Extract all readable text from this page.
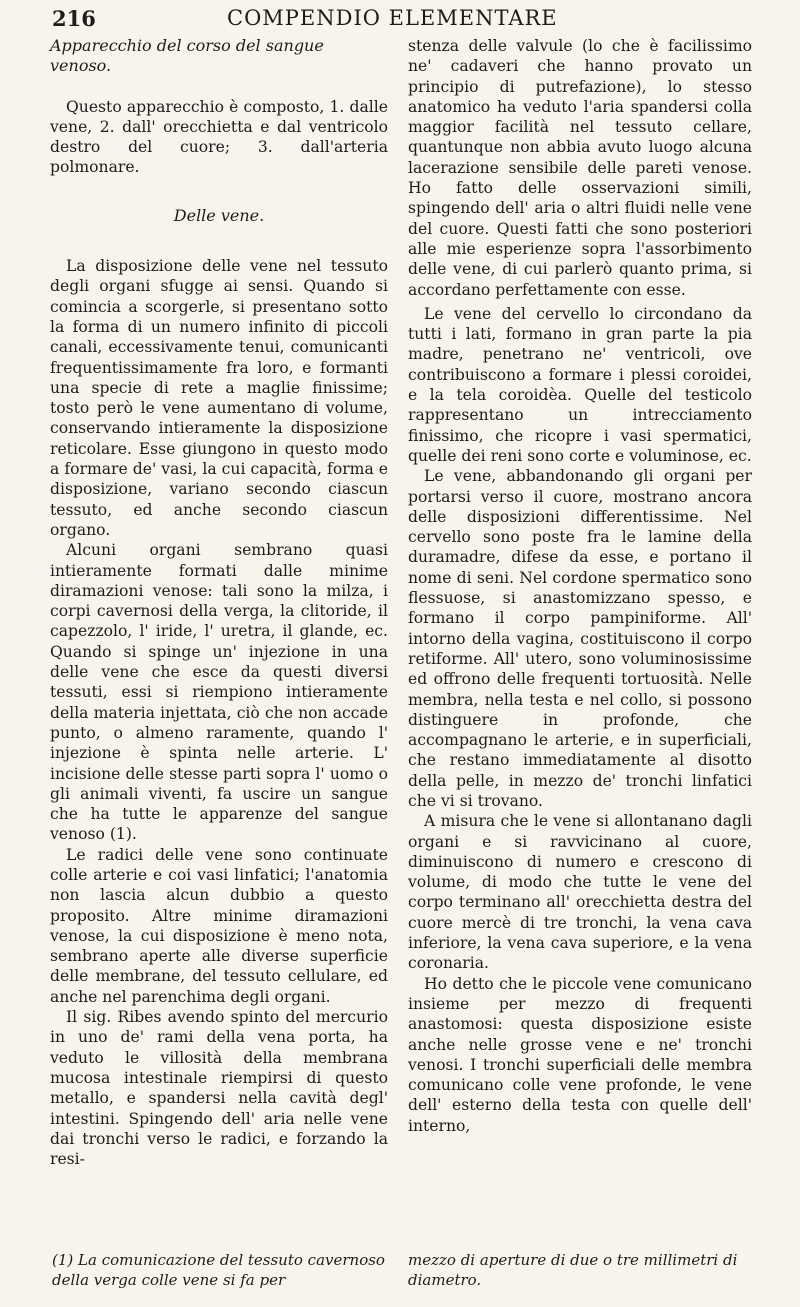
216	COMPENDIO ELEMENTARE

Apparecchio del corso del sangue venoso.

Questo apparecchio è composto, 1. dalle vene, 2. dall' orecchietta e dal ventricolo destro del cuore; 3. dall'arteria polmonare.

Delle vene.

La disposizione delle vene nel tessuto degli organi sfugge ai sensi. Quando si comincia a scorgerle, si presentano sotto la forma di un numero infinito di piccoli canali, eccessivamente tenui, comunicanti frequentissimamente fra loro, e formanti una specie di rete a maglie finissime; tosto però le vene aumentano di volume, conservando intieramente la disposizione reticolare. Esse giungono in questo modo a formare de' vasi, la cui capacità, forma e disposizione, variano secondo ciascun tessuto, ed anche secondo ciascun organo.

Alcuni organi sembrano quasi intieramente formati dalle minime diramazioni venose: tali sono la milza, i corpi cavernosi della verga, la clitoride, il capezzolo, l' iride, l' uretra, il glande, ec. Quando si spinge un' injezione in una delle vene che esce da questi diversi tessuti, essi si riempiono intieramente della materia injettata, ciò che non accade punto, o almeno raramente, quando l' injezione è spinta nelle arterie. L' incisione delle stesse parti sopra l' uomo o gli animali viventi, fa uscire un sangue che ha tutte le apparenze del sangue venoso (1).

Le radici delle vene sono continuate colle arterie e coi vasi linfatici; l'anatomia non lascia alcun dubbio a questo proposito. Altre minime diramazioni venose, la cui disposizione è meno nota, sembrano aperte alle diverse superficie delle membrane, del tessuto cellulare, ed anche nel parenchima degli organi.

Il sig. Ribes avendo spinto del mercurio in uno de' rami della vena porta, ha veduto le villosità della membrana mucosa intestinale riempirsi di questo metallo, e spandersi nella cavità degl' intestini. Spingendo dell' aria nelle vene dai tronchi verso le radici, e forzando la resi-

stenza delle valvule (lo che è facilissimo ne' cadaveri che hanno provato un principio di putrefazione), lo stesso anatomico ha veduto l'aria spandersi colla maggior facilità nel tessuto cellare, quantunque non abbia avuto luogo alcuna lacerazione sensibile delle pareti venose. Ho fatto delle osservazioni simili, spingendo dell' aria o altri fluidi nelle vene del cuore. Questi fatti che sono posteriori alle mie esperienze sopra l'assorbimento delle vene, di cui parlerò quanto prima, si accordano perfettamente con esse.

Le vene del cervello lo circondano da tutti i lati, formano in gran parte la pia madre, penetrano ne' ventricoli, ove contribuiscono a formare i plessi coroidei, e la tela coroidèa. Quelle del testicolo rappresentano un intrecciamento finissimo, che ricopre i vasi spermatici, quelle dei reni sono corte e voluminose, ec.

Le vene, abbandonando gli organi per portarsi verso il cuore, mostrano ancora delle disposizioni differentissime. Nel cervello sono poste fra le lamine della duramadre, difese da esse, e portano il nome di seni. Nel cordone spermatico sono flessuose, si anastomizzano spesso, e formano il corpo pampiniforme. All' intorno della vagina, costituiscono il corpo retiforme. All' utero, sono voluminosissime ed offrono delle frequenti tortuosità. Nelle membra, nella testa e nel collo, si possono distinguere in profonde, che accompagnano le arterie, e in superficiali, che restano immediatamente al disotto della pelle, in mezzo de' tronchi linfatici che vi si trovano.

A misura che le vene si allontanano dagli organi e si ravvicinano al cuore, diminuiscono di numero e crescono di volume, di modo che tutte le vene del corpo terminano all' orecchietta destra del cuore mercè di tre tronchi, la vena cava inferiore, la vena cava superiore, e la vena coronaria.

Ho detto che le piccole vene comunicano insieme per mezzo di frequenti anastomosi: questa disposizione esiste anche nelle grosse vene e ne' tronchi venosi. I tronchi superficiali delle membra comunicano colle vene profonde, le vene dell' esterno della testa con quelle dell' interno,

(1) La comunicazione del tessuto cavernoso della verga colle vene si fa per
mezzo di aperture di due o tre millimetri di diametro.
